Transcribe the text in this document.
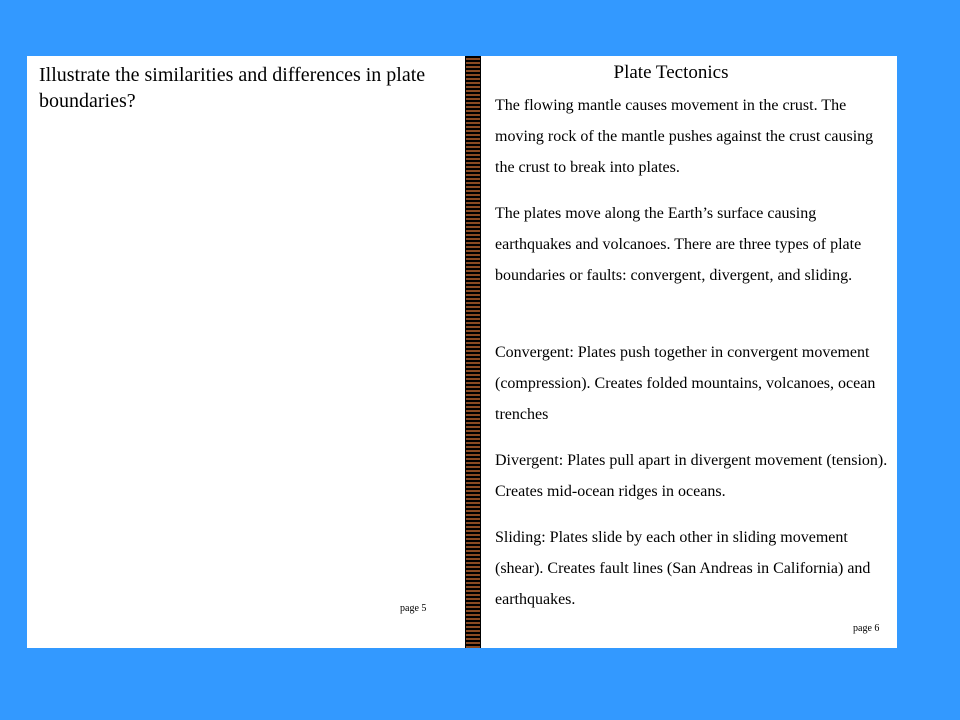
Illustrate the similarities and differences in plate boundaries?

page 5

Plate Tectonics

The flowing mantle causes movement in the crust. The moving rock of the mantle pushes against the crust causing the crust to break into plates.

The plates move along the Earth’s surface causing earthquakes and volcanoes. There are three types of plate boundaries or faults: convergent, divergent, and sliding.

Convergent: Plates push together in convergent movement (compression). Creates folded mountains, volcanoes, ocean trenches

Divergent: Plates pull apart in divergent movement (tension). Creates mid-ocean ridges in oceans.

Sliding: Plates slide by each other in sliding movement (shear). Creates fault lines (San Andreas in California) and earthquakes.

page 6
